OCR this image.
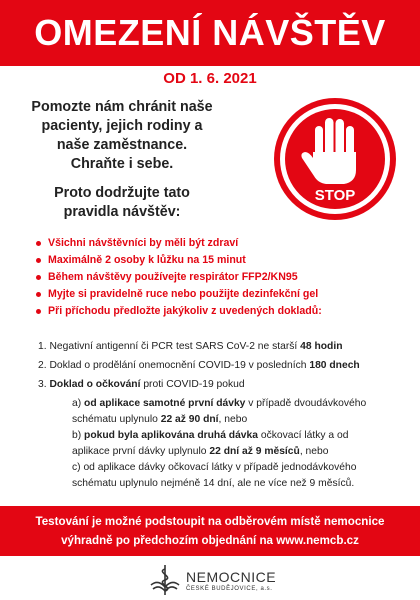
OMEZENÍ NÁVŠTĚV
OD 1. 6. 2021

Pomozte nám chránit naše

pacienty, jejich rodiny a

naše zaměstnance.

Chraňte i sebe.

Proto dodržujte tato

pravidla návštěv:

STOP
Všichni návštěvníci by měli být zdraví
Maximálně 2 osoby k lůžku na 15 minut
Během návštěvy používejte respirátor FFP2/KN95
Myjte si pravidelně ruce nebo použijte dezinfekční gel
Při příchodu předložte jakýkoliv z uvedených dokladů:
1. Negativní antigenní či PCR test SARS CoV-2 ne starší 48 hodin
2. Doklad o prodělání onemocnění COVID-19 v posledních 180 dnech
3. Doklad o očkování proti COVID-19 pokud
a) od aplikace samotné první dávky v případě dvoudávkového
schématu uplynulo 22 až 90 dní, nebo
b) pokud byla aplikována druhá dávka očkovací látky a od
aplikace první dávky uplynulo 22 dní až 9 měsíců, nebo
c) od aplikace dávky očkovací látky v případě jednodávkového
schématu uplynulo nejméně 14 dní, ale ne více než 9 měsíců.
Testování je možné podstoupit na odběrovém místě nemocnice
výhradně po předchozím objednání na www.nemcb.cz
NEMOCNICE
ČESKÉ BUDĚJOVICE, a.s.
